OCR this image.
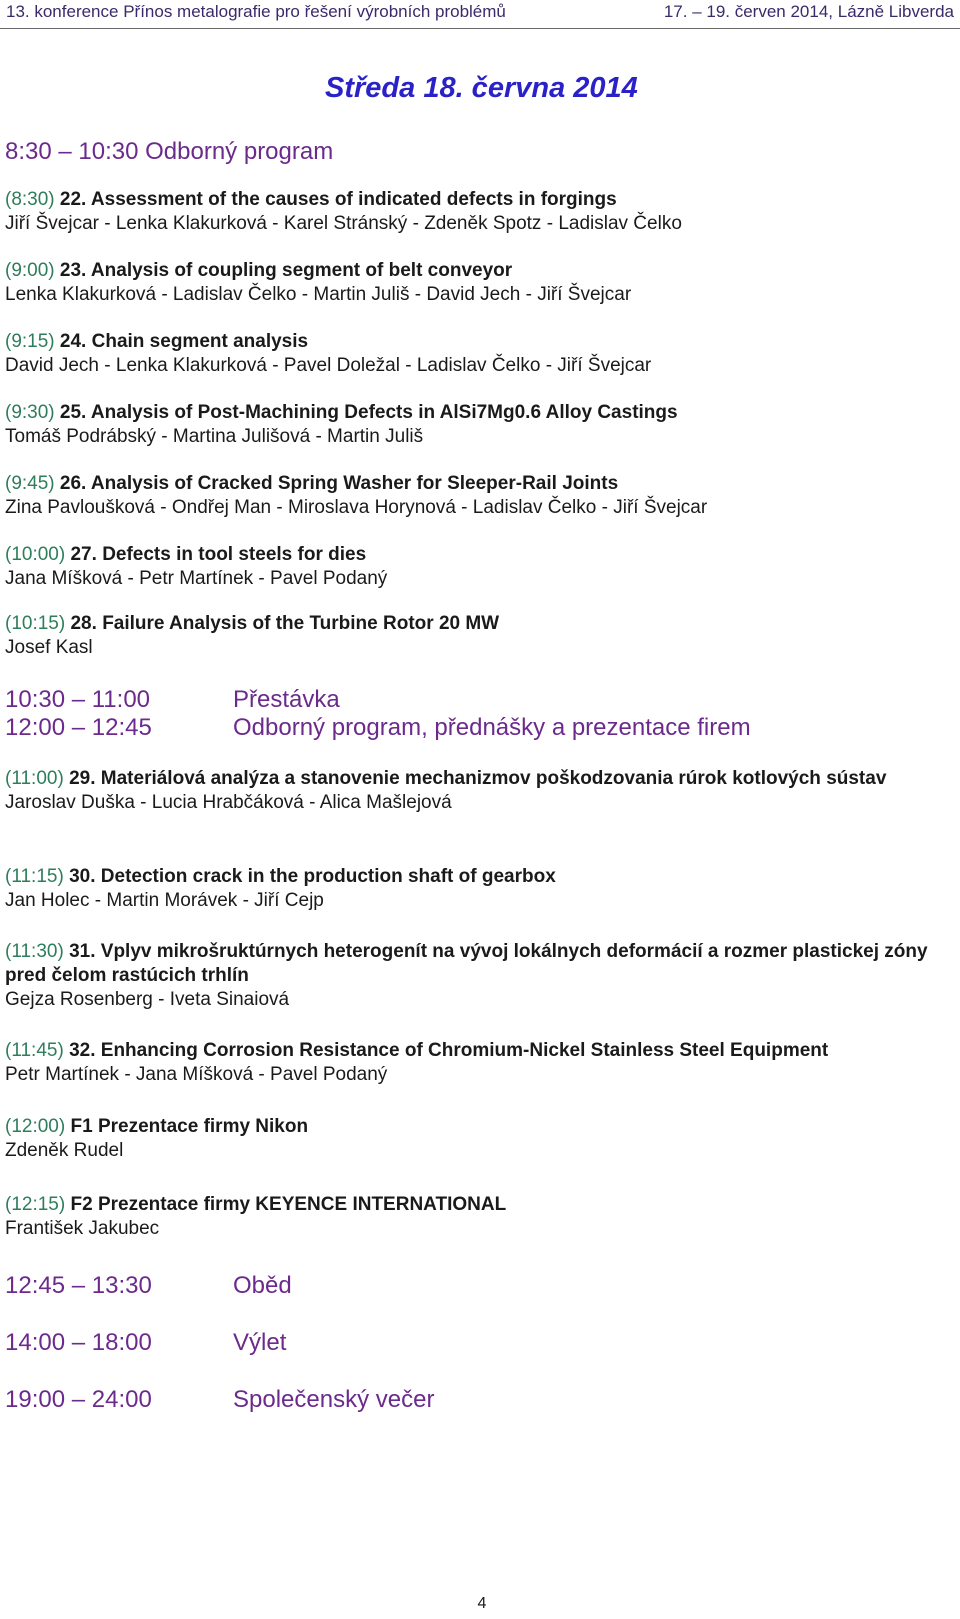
13. konference Přínos metalografie pro řešení výrobních problémů	17. – 19. červen 2014, Lázně Libverda
Středa 18. června 2014
8:30 – 10:30 Odborný program
(8:30) 22. Assessment of the causes of indicated defects in forgings
Jiří Švejcar - Lenka Klakurková - Karel Stránský - Zdeněk Spotz - Ladislav Čelko
(9:00) 23. Analysis of coupling segment of belt conveyor
Lenka Klakurková - Ladislav Čelko - Martin Juliš - David Jech - Jiří Švejcar
(9:15) 24. Chain segment analysis
David Jech - Lenka Klakurková - Pavel Doležal - Ladislav Čelko - Jiří Švejcar
(9:30) 25. Analysis of Post-Machining Defects in AlSi7Mg0.6 Alloy Castings
Tomáš Podrábský - Martina Julišová - Martin Juliš
(9:45) 26. Analysis of Cracked Spring Washer for Sleeper-Rail Joints
Zina Pavloušková - Ondřej Man - Miroslava Horynová - Ladislav Čelko - Jiří Švejcar
(10:00) 27. Defects in tool steels for dies
Jana Míšková - Petr Martínek - Pavel Podaný
(10:15) 28. Failure Analysis of the Turbine Rotor 20 MW
Josef Kasl
10:30 – 11:00	Přestávka
12:00 – 12:45	Odborný program, přednášky a prezentace firem
(11:00) 29. Materiálová analýza a stanovenie mechanizmov poškodzovania rúrok kotlových sústav
Jaroslav Duška - Lucia Hrabčáková - Alica Mašlejová
(11:15) 30. Detection crack in the production shaft of gearbox
Jan Holec - Martin Morávek - Jiří Cejp
(11:30) 31. Vplyv mikrošruktúrnych heterogenít na vývoj lokálnych deformácií a rozmer plastickej zóny pred čelom rastúcich trhlín
Gejza Rosenberg - Iveta Sinaiová
(11:45) 32. Enhancing Corrosion Resistance of Chromium-Nickel Stainless Steel Equipment
Petr Martínek - Jana Míšková - Pavel Podaný
(12:00) F1 Prezentace firmy Nikon
Zdeněk Rudel
(12:15) F2 Prezentace firmy KEYENCE INTERNATIONAL
František Jakubec
12:45 – 13:30	Oběd
14:00 – 18:00	Výlet
19:00 – 24:00	Společenský večer
4
